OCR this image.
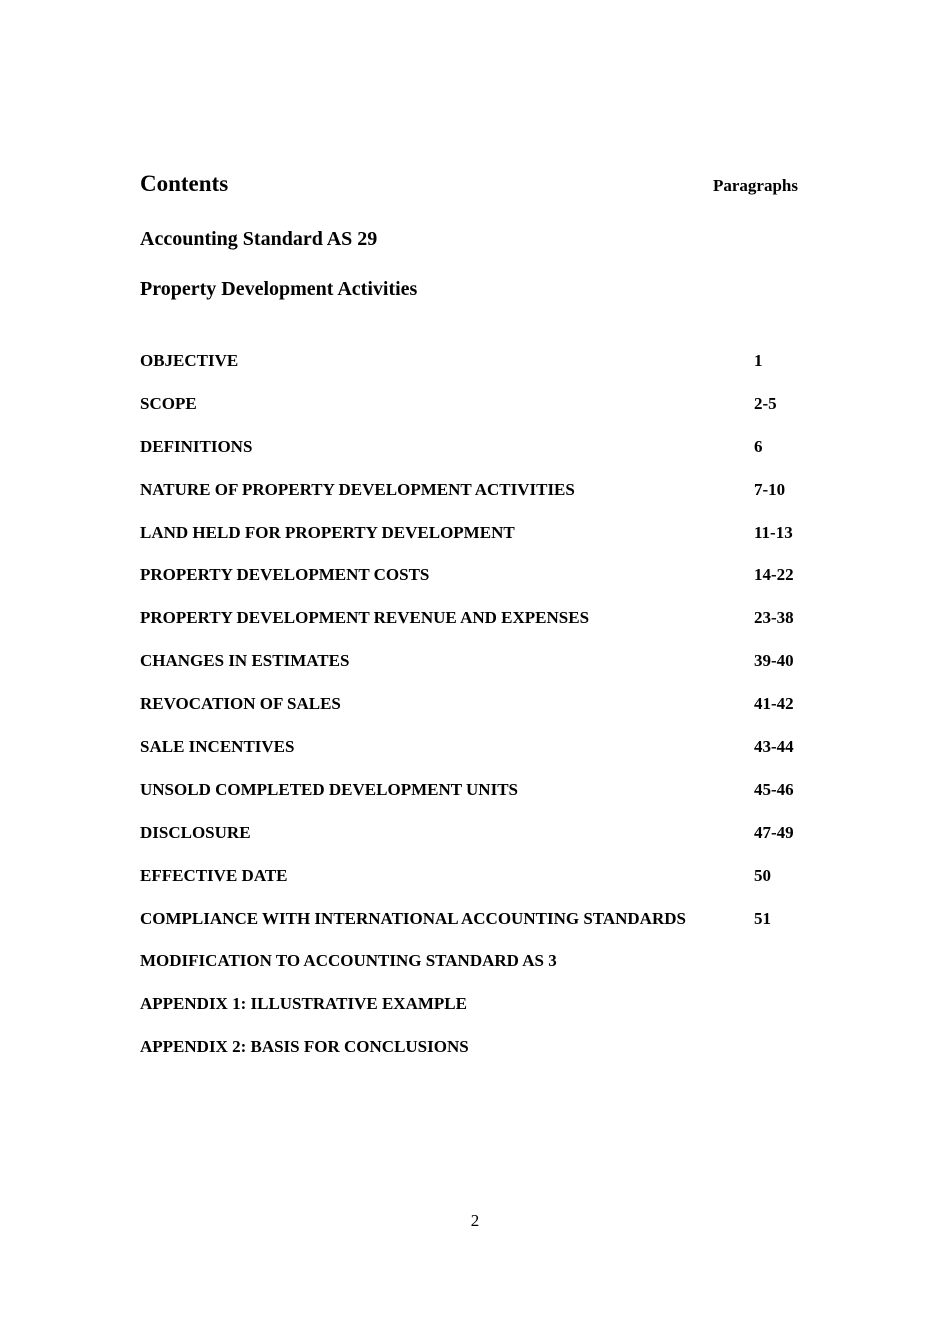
Contents	Paragraphs
Accounting Standard AS 29
Property Development Activities
OBJECTIVE	1
SCOPE	2-5
DEFINITIONS	6
NATURE OF PROPERTY DEVELOPMENT ACTIVITIES	7-10
LAND HELD FOR PROPERTY DEVELOPMENT	11-13
PROPERTY DEVELOPMENT COSTS	14-22
PROPERTY DEVELOPMENT REVENUE AND EXPENSES	23-38
CHANGES IN ESTIMATES	39-40
REVOCATION OF SALES	41-42
SALE INCENTIVES	43-44
UNSOLD COMPLETED DEVELOPMENT UNITS	45-46
DISCLOSURE	47-49
EFFECTIVE DATE	50
COMPLIANCE WITH INTERNATIONAL ACCOUNTING STANDARDS	51
MODIFICATION TO ACCOUNTING STANDARD AS 3
APPENDIX 1: ILLUSTRATIVE EXAMPLE
APPENDIX 2: BASIS FOR CONCLUSIONS
2
